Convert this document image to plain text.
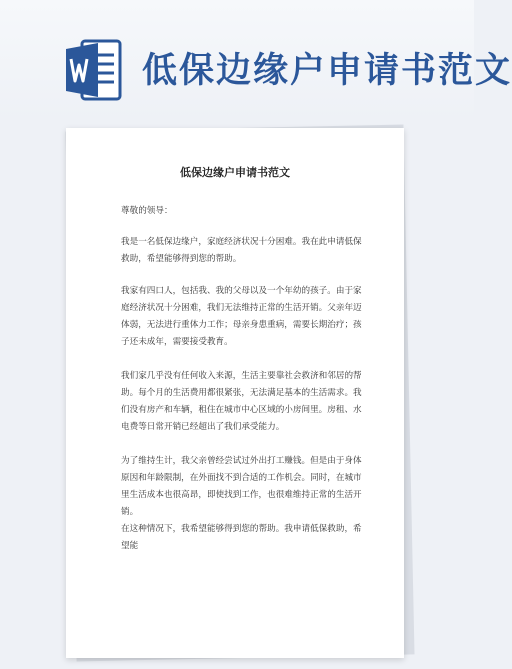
低保边缘户申请书范文
低保边缘户申请书范文

尊敬的领导：

我是一名低保边缘户，家庭经济状况十分困难。我在此申请低保救助，希望能够得到您的帮助。

我家有四口人，包括我、我的父母以及一个年幼的孩子。由于家庭经济状况十分困难，我们无法维持正常的生活开销。父亲年迈体弱，无法进行重体力工作；母亲身患重病，需要长期治疗；孩子还未成年，需要接受教育。

我们家几乎没有任何收入来源，生活主要靠社会救济和邻居的帮助。每个月的生活费用都很紧张，无法满足基本的生活需求。我们没有房产和车辆，租住在城市中心区域的小房间里。房租、水电费等日常开销已经超出了我们承受能力。

为了维持生计，我父亲曾经尝试过外出打工赚钱。但是由于身体原因和年龄限制，在外面找不到合适的工作机会。同时，在城市里生活成本也很高昂，即使找到工作，也很难维持正常的生活开销。

在这种情况下，我希望能够得到您的帮助。我申请低保救助，希望能
